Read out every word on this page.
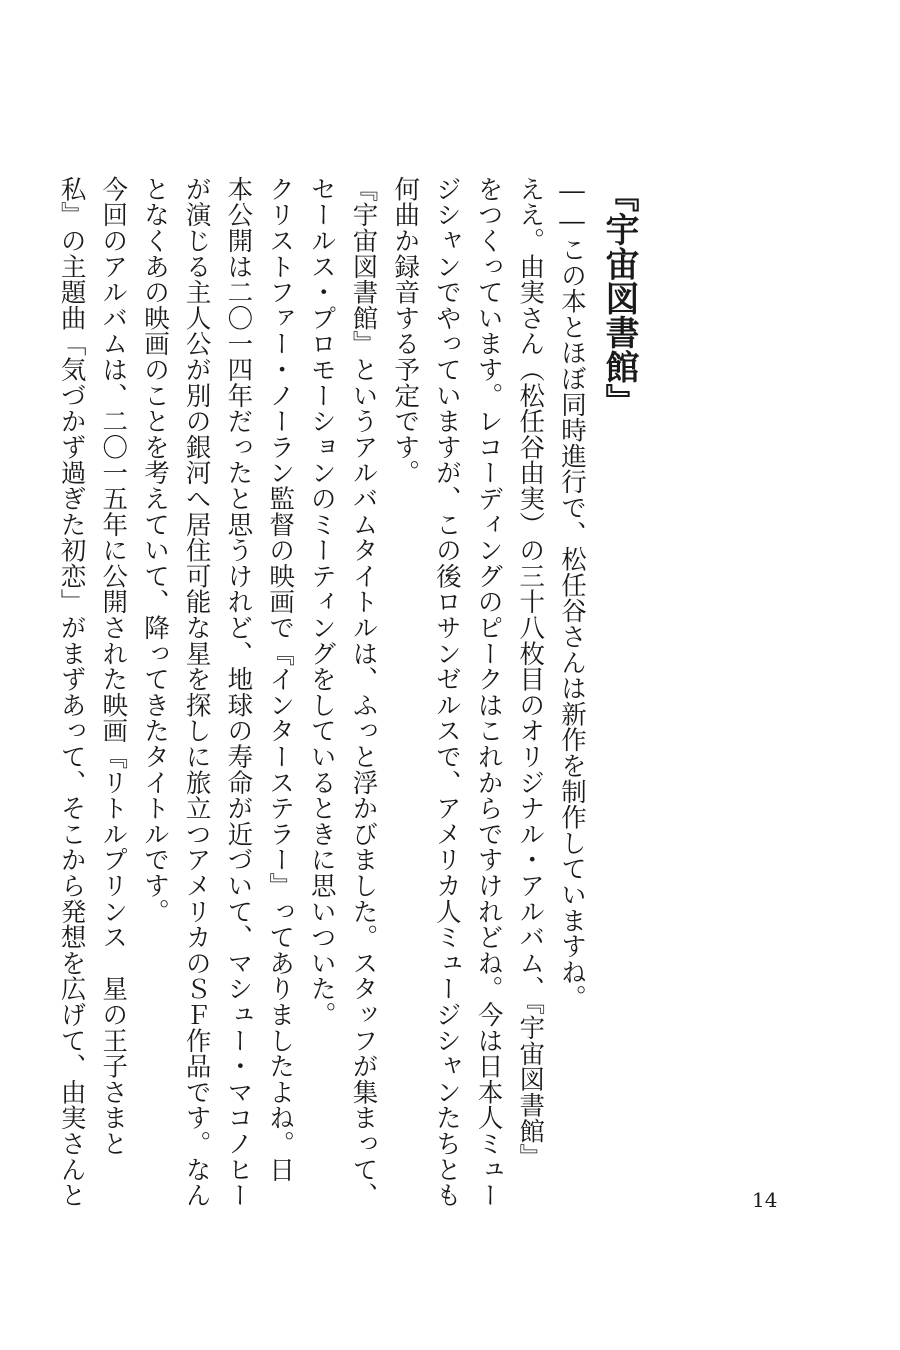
『宇宙図書館』
――この本とほぼ同時進行で、松任谷さんは新作を制作していますね。
ええ。由実さん（松任谷由実）の三十八枚目のオリジナル・アルバム、『宇宙図書館』
をつくっています。レコーディングのピークはこれからですけれどね。今は日本人ミュー
ジシャンでやっていますが、この後ロサンゼルスで、アメリカ人ミュージシャンたちとも
何曲か録音する予定です。
『宇宙図書館』というアルバムタイトルは、ふっと浮かびました。スタッフが集まって、
セールス・プロモーションのミーティングをしているときに思いついた。
クリストファー・ノーラン監督の映画で『インターステラー』ってありましたよね。日
本公開は二〇一四年だったと思うけれど、地球の寿命が近づいて、マシュー・マコノヒー
が演じる主人公が別の銀河へ居住可能な星を探しに旅立つアメリカのＳＦ作品です。なん
となくあの映画のことを考えていて、降ってきたタイトルです。
今回のアルバムは、二〇一五年に公開された映画『リトルプリンス　星の王子さまと
私』の主題曲「気づかず過ぎた初恋」がまずあって、そこから発想を広げて、由実さんと	14
